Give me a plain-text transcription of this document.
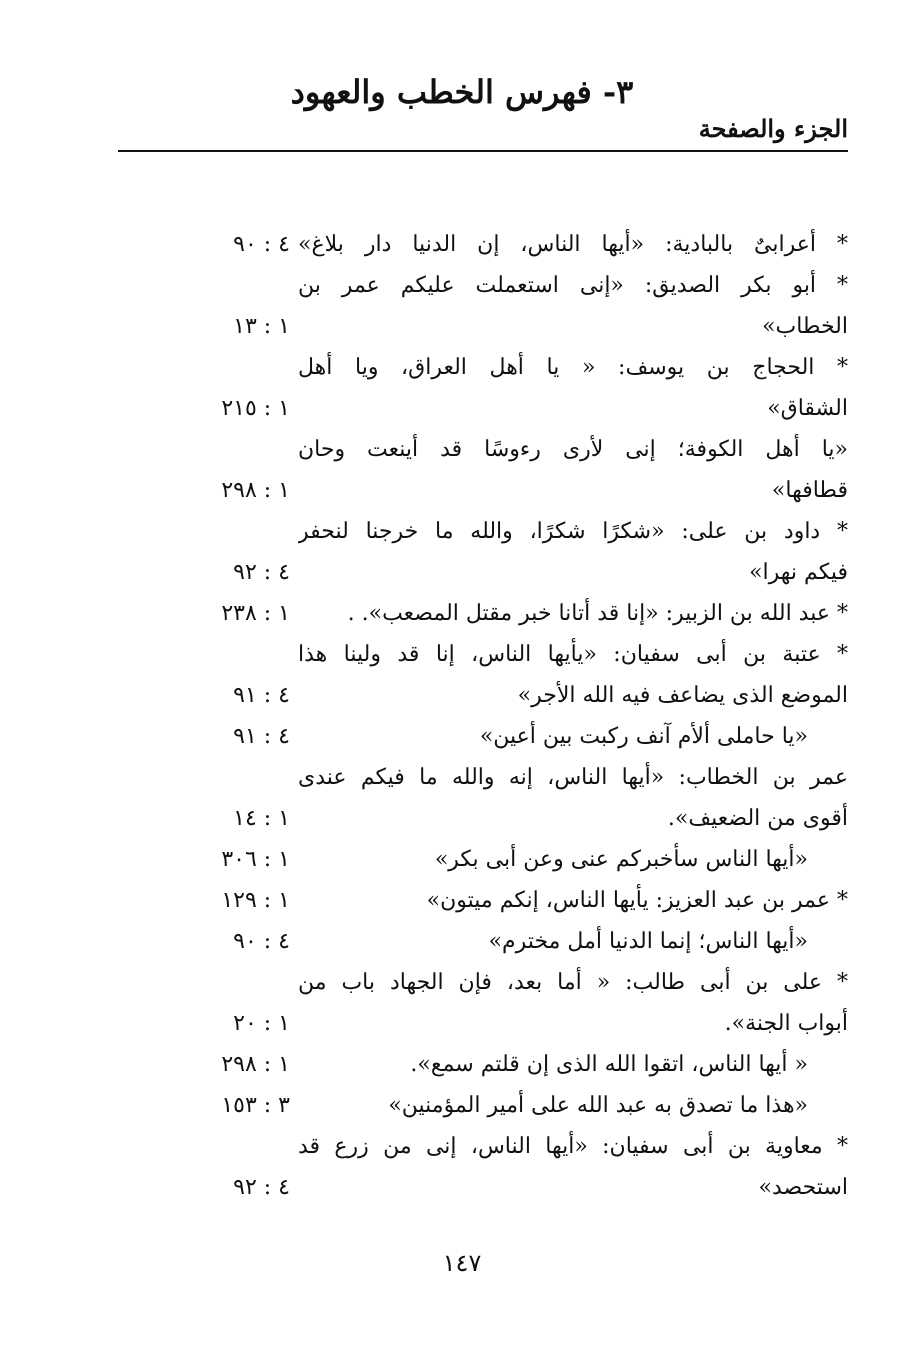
٣- فهرس الخطب والعهود
الجزء والصفحة
* أعرابىٌ بالبادية: «أيها الناس، إن الدنيا دار بلاغ»
٤ : ٩٠
* أبو بكر الصديق: «إنى استعملت عليكم عمر بن
الخطاب»
١ : ١٣
* الحجاج بن يوسف: « يا أهل العراق، ويا أهل
الشقاق»
١ : ٢١٥
«يا أهل الكوفة؛ إنى لأرى رءوسًا قد أينعت وحان
قطافها»
١ : ٢٩٨
* داود بن على: «شكرًا شكرًا، والله ما خرجنا لنحفر
فيكم نهرا»
٤ : ٩٢
* عبد الله بن الزبير: «إنا قد أتانا خبر مقتل المصعب». .
١ : ٢٣٨
* عتبة بن أبى سفيان: «يأيها الناس، إنا قد ولينا هذا
الموضع الذى يضاعف فيه الله الأجر»
٤ : ٩١
«يا حاملى ألأم آنف ركبت بين أعين»
٤ : ٩١
عمر بن الخطاب: «أيها الناس، إنه والله ما فيكم عندى
أقوى من الضعيف».
١ : ١٤
«أيها الناس سأخبركم عنى وعن أبى بكر»
١ : ٣٠٦
* عمر بن عبد العزيز: يأيها الناس، إنكم ميتون»
١ : ١٢٩
«أيها الناس؛ إنما الدنيا أمل مخترم»
٤ : ٩٠
* على بن أبى طالب: « أما بعد، فإن الجهاد باب من
أبواب الجنة».
١ : ٢٠
« أيها الناس، اتقوا الله الذى إن قلتم سمع».
١ : ٢٩٨
«هذا ما تصدق به عبد الله على أمير المؤمنين»
٣ : ١٥٣
* معاوية بن أبى سفيان: «أيها الناس، إنى من زرع قد
استحصد»
٤ : ٩٢
١٤٧
